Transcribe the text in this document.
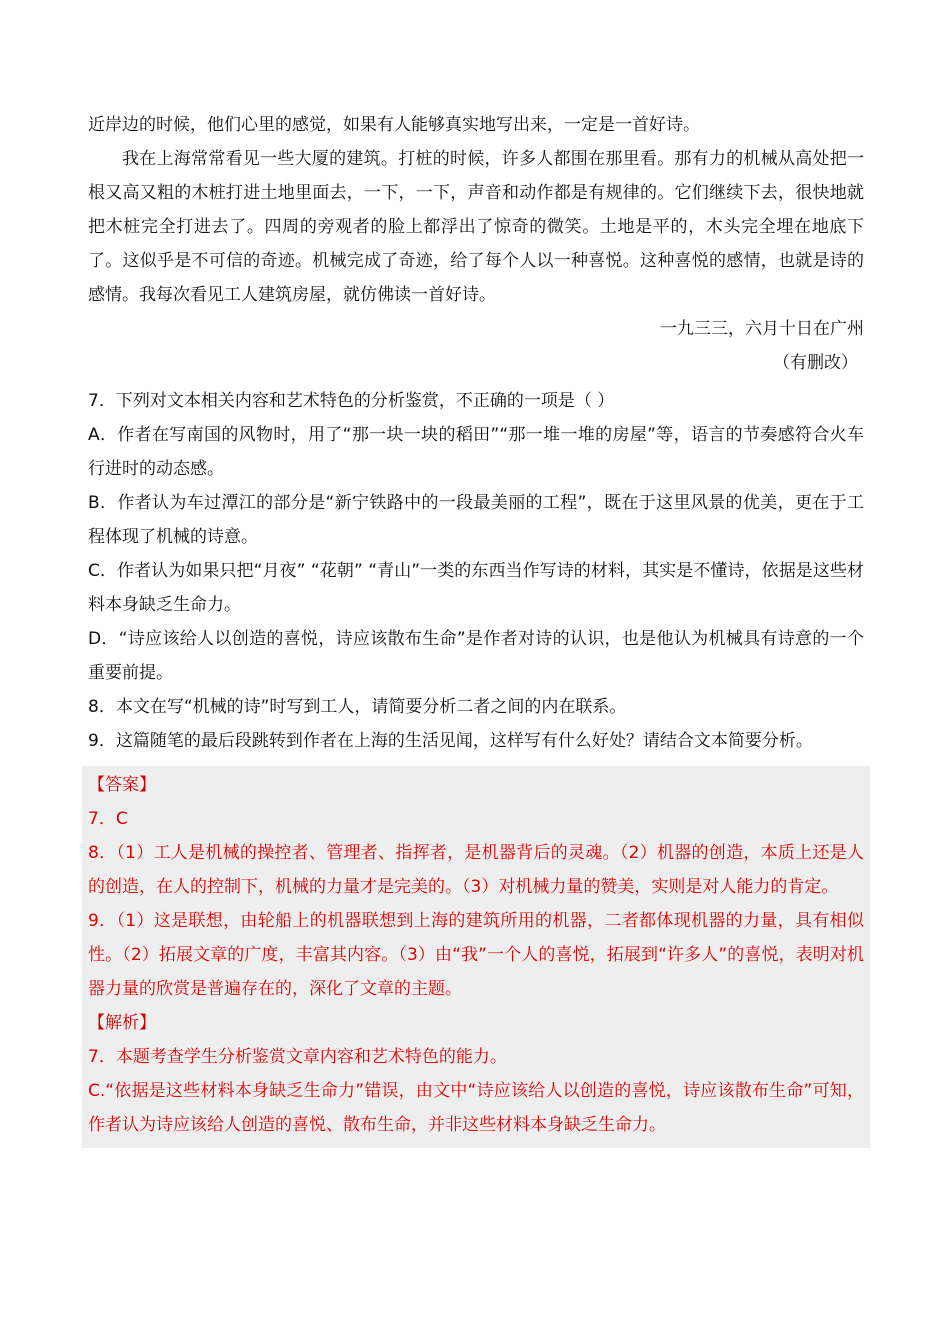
近岸边的时候，他们心里的感觉，如果有人能够真实地写出来，一定是一首好诗。

我在上海常常看见一些大厦的建筑。打桩的时候，许多人都围在那里看。那有力的机械从高处把一根又高又粗的木桩打进土地里面去，一下，一下，声音和动作都是有规律的。它们继续下去，很快地就把木桩完全打进去了。四周的旁观者的脸上都浮出了惊奇的微笑。土地是平的，木头完全埋在地底下了。这似乎是不可信的奇迹。机械完成了奇迹，给了每个人以一种喜悦。这种喜悦的感情，也就是诗的感情。我每次看见工人建筑房屋，就仿佛读一首好诗。

一九三三，六月十日在广州

（有删改）

7．下列对文本相关内容和艺术特色的分析鉴赏，不正确的一项是（ ）

A．作者在写南国的风物时，用了“那一块一块的稻田”“那一堆一堆的房屋”等，语言的节奏感符合火车行进时的动态感。

B．作者认为车过潭江的部分是“新宁铁路中的一段最美丽的工程”，既在于这里风景的优美，更在于工程体现了机械的诗意。

C．作者认为如果只把“月夜” “花朝” “青山”一类的东西当作写诗的材料，其实是不懂诗，依据是这些材料本身缺乏生命力。

D．“诗应该给人以创造的喜悦，诗应该散布生命”是作者对诗的认识，也是他认为机械具有诗意的一个重要前提。

8．本文在写“机械的诗”时写到工人，请简要分析二者之间的内在联系。

9．这篇随笔的最后段跳转到作者在上海的生活见闻，这样写有什么好处？请结合文本简要分析。

【答案】

7．C

8．（1）工人是机械的操控者、管理者、指挥者，是机器背后的灵魂。（2）机器的创造，本质上还是人的创造，在人的控制下，机械的力量才是完美的。（3）对机械力量的赞美，实则是对人能力的肯定。

9．（1）这是联想，由轮船上的机器联想到上海的建筑所用的机器，二者都体现机器的力量，具有相似性。（2）拓展文章的广度，丰富其内容。（3）由“我”一个人的喜悦，拓展到“许多人”的喜悦，表明对机器力量的欣赏是普遍存在的，深化了文章的主题。

【解析】

7．本题考查学生分析鉴赏文章内容和艺术特色的能力。

C.“依据是这些材料本身缺乏生命力”错误，由文中“诗应该给人以创造的喜悦，诗应该散布生命”可知，作者认为诗应该给人创造的喜悦、散布生命，并非这些材料本身缺乏生命力。
